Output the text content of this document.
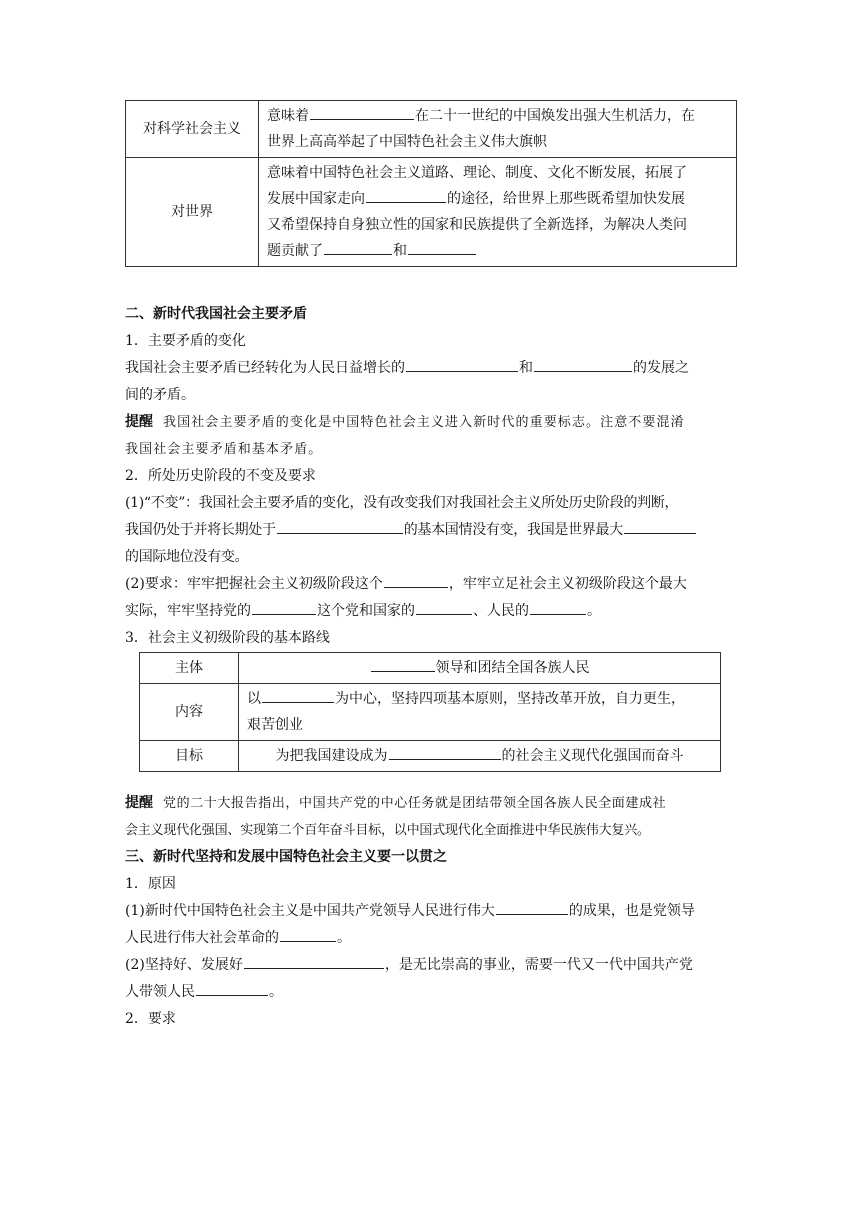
对科学社会主义	意味着 在二十一世纪的中国焕发出强大生机活力，在
世界上高高举起了中国特色社会主义伟大旗帜
对世界	意味着中国特色社会主义道路、理论、制度、文化不断发展，拓展了
发展中国家走向 的途径，给世界上那些既希望加快发展
又希望保持自身独立性的国家和民族提供了全新选择，为解决人类问
题贡献了 和

二、新时代我国社会主要矛盾

1．主要矛盾的变化

我国社会主要矛盾已经转化为人民日益增长的	和	的发展之
间的矛盾。

提醒 我国社会主要矛盾的变化是中国特色社会主义进入新时代的重要标志。注意不要混淆
我国社会主要矛盾和基本矛盾。

2．所处历史阶段的不变及要求

(1)“不变”：我国社会主要矛盾的变化，没有改变我们对我国社会主义所处历史阶段的判断，
我国仍处于并将长期处于	的基本国情没有变，我国是世界最大
的国际地位没有变。

(2)要求：牢牢把握社会主义初级阶段这个	，牢牢立足社会主义初级阶段这个最大
实际，牢牢坚持党的	这个党和国家的	、人民的	。

3．社会主义初级阶段的基本路线

主体	领导和团结全国各族人民
内容	以 为中心，坚持四项基本原则，坚持改革开放，自力更生，
艰苦创业
目标	为把我国建设成为 的社会主义现代化强国而奋斗

提醒 党的二十大报告指出，中国共产党的中心任务就是团结带领全国各族人民全面建成社
会主义现代化强国、实现第二个百年奋斗目标，以中国式现代化全面推进中华民族伟大复兴。

三、新时代坚持和发展中国特色社会主义要一以贯之

1．原因

(1)新时代中国特色社会主义是中国共产党领导人民进行伟大	的成果，也是党领导
人民进行伟大社会革命的	。

(2)坚持好、发展好	，是无比崇高的事业，需要一代又一代中国共产党
人带领人民	。

2．要求
